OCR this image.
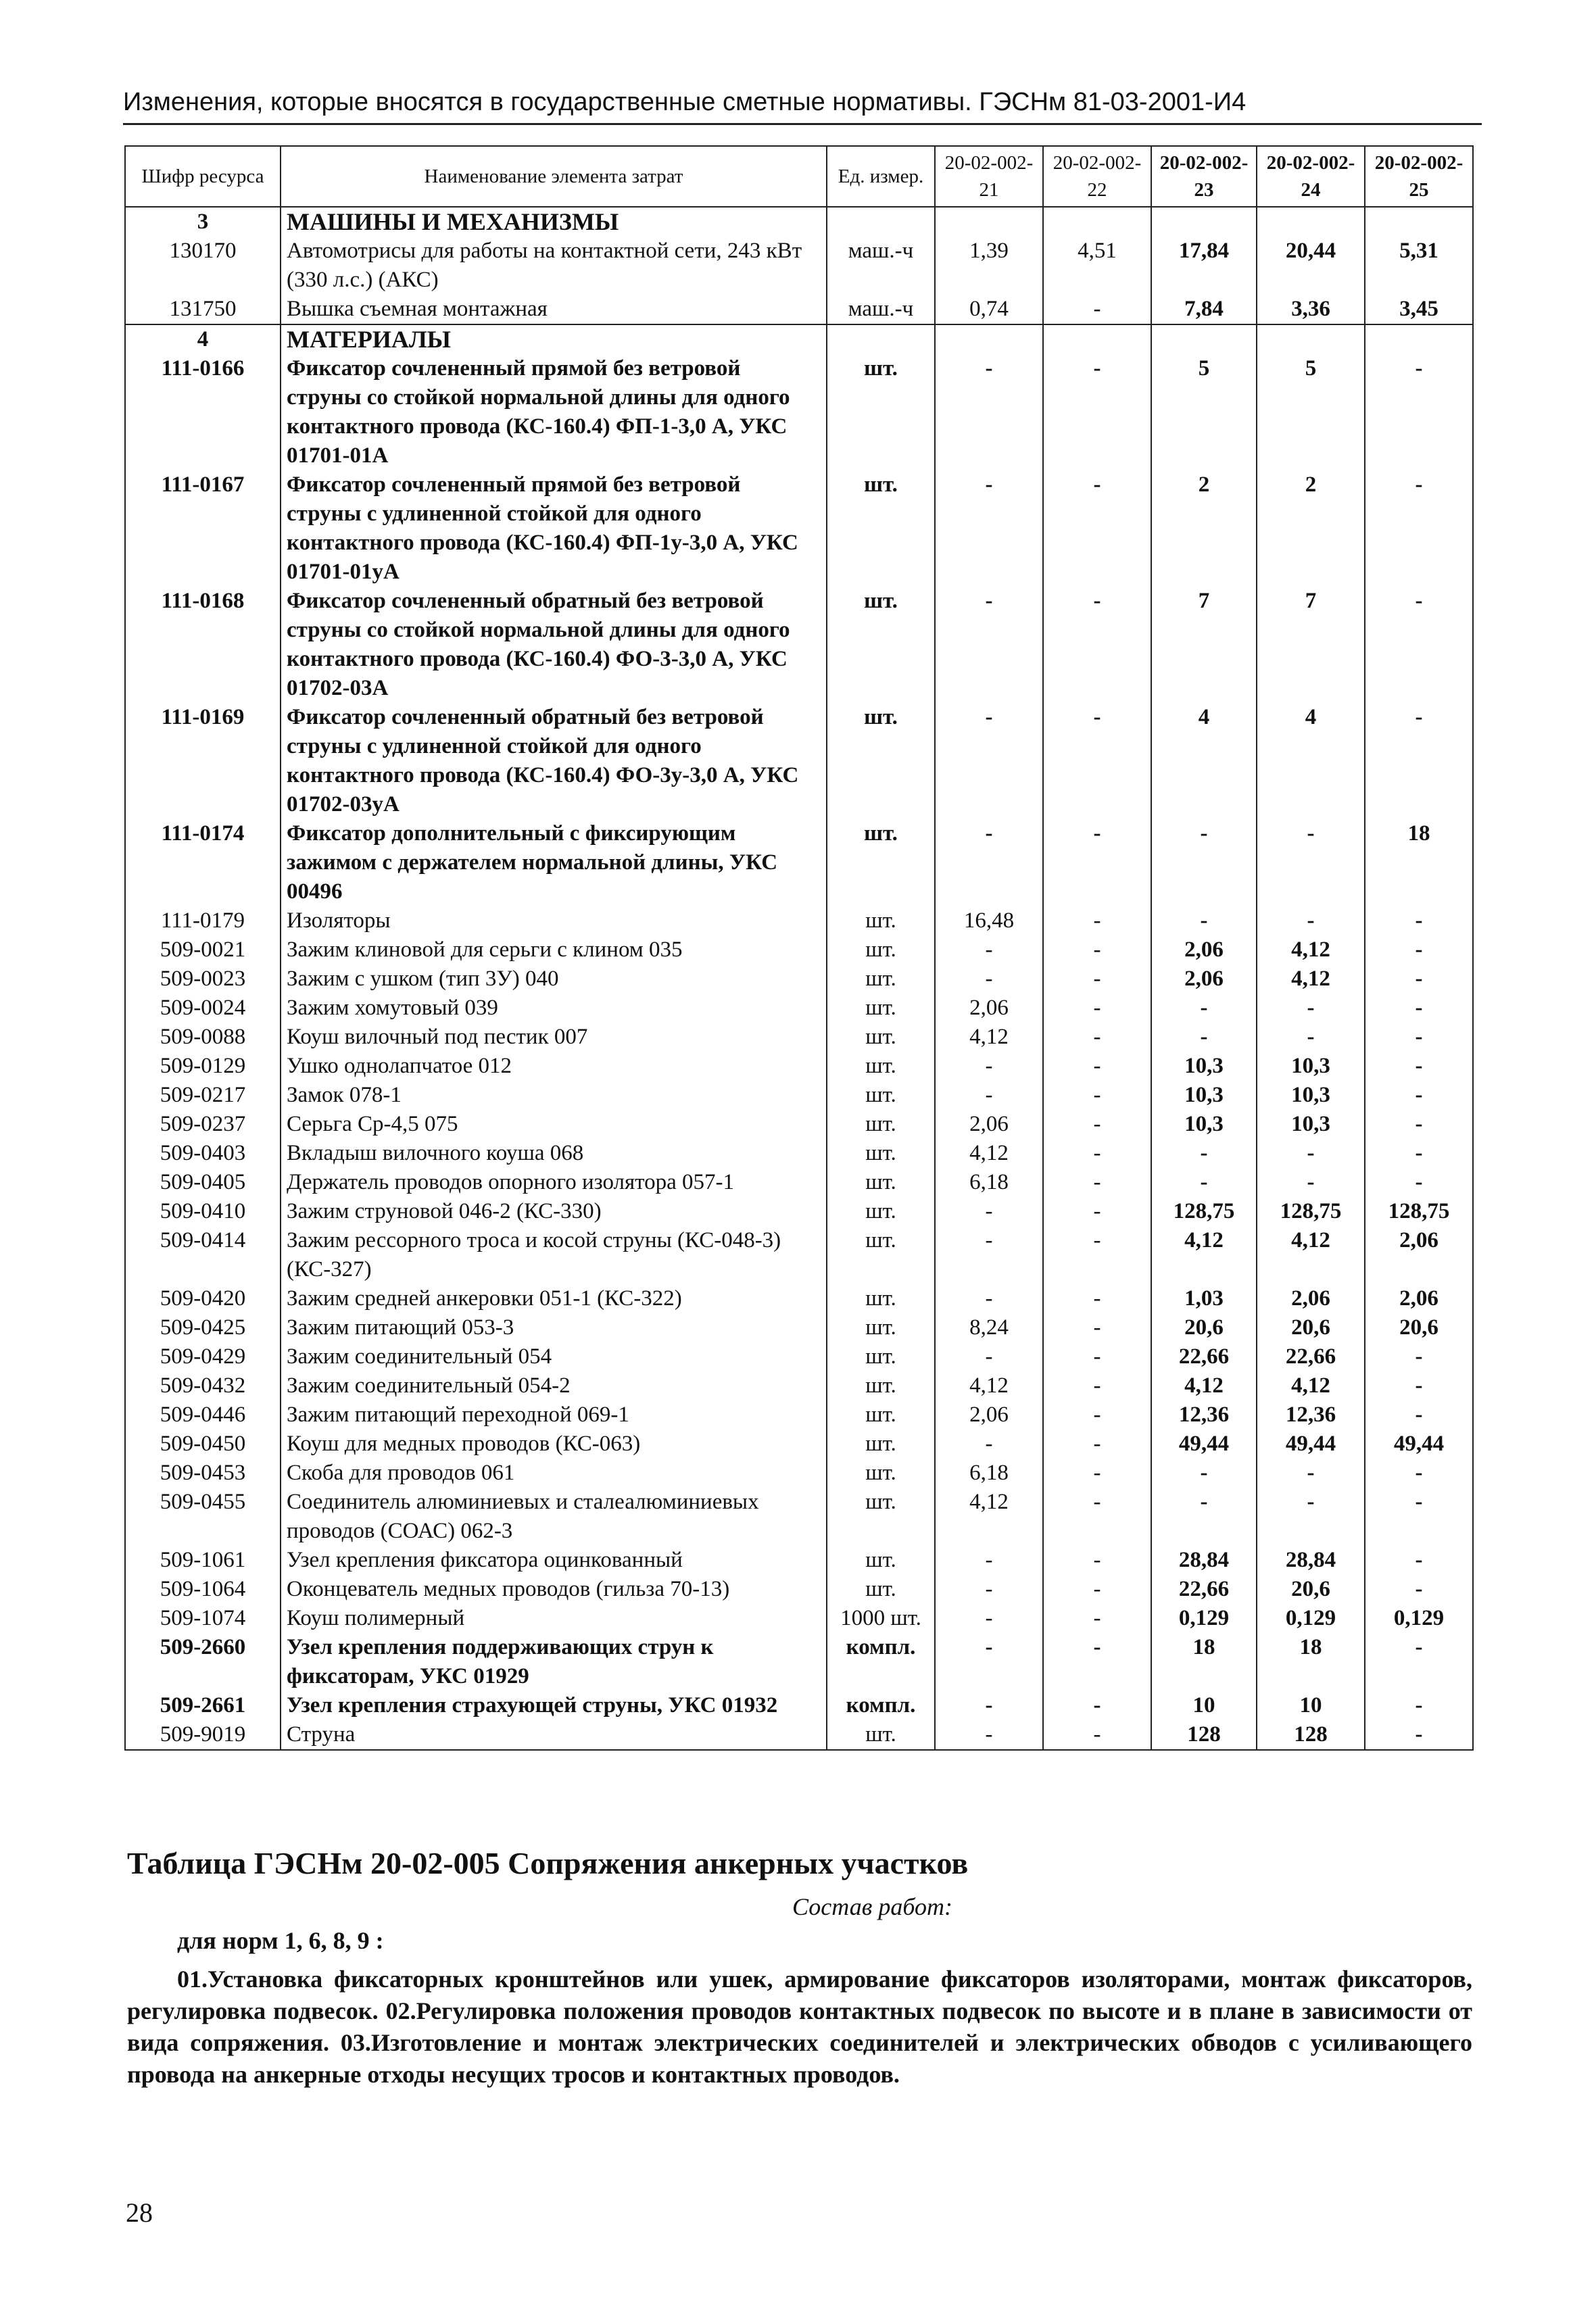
Изменения, которые вносятся в государственные сметные нормативы. ГЭСНм 81-03-2001-И4
Шифр ресурса	Наименование элемента затрат	Ед. измер.	20-02-002-21	20-02-002-22	20-02-002-23	20-02-002-24	20-02-002-25
3	МАШИНЫ И МЕХАНИЗМЫ						
130170	Автомотрисы для работы на контактной сети, 243 кВт (330 л.с.) (АКС)	маш.-ч	1,39	4,51	17,84	20,44	5,31
131750	Вышка съемная монтажная	маш.-ч	0,74	-	7,84	3,36	3,45
4	МАТЕРИАЛЫ						
111-0166	Фиксатор сочлененный прямой без ветровой струны со стойкой нормальной длины для одного контактного провода (КС-160.4) ФП-1-3,0 А, УКС 01701-01А	шт.	-	-	5	5	-
111-0167	Фиксатор сочлененный прямой без ветровой струны с удлиненной стойкой для одного контактного провода (КС-160.4) ФП-1у-3,0 А, УКС 01701-01уА	шт.	-	-	2	2	-
111-0168	Фиксатор сочлененный обратный без ветровой струны со стойкой нормальной длины для одного контактного провода (КС-160.4) ФО-3-3,0 А, УКС 01702-03А	шт.	-	-	7	7	-
111-0169	Фиксатор сочлененный обратный без ветровой струны с удлиненной стойкой для одного контактного провода (КС-160.4) ФО-3у-3,0 А, УКС 01702-03уА	шт.	-	-	4	4	-
111-0174	Фиксатор дополнительный с фиксирующим зажимом с держателем нормальной длины, УКС 00496	шт.	-	-	-	-	18
111-0179	Изоляторы	шт.	16,48	-	-	-	-
509-0021	Зажим клиновой для серьги с клином 035	шт.	-	-	2,06	4,12	-
509-0023	Зажим с ушком (тип 3У) 040	шт.	-	-	2,06	4,12	-
509-0024	Зажим хомутовый 039	шт.	2,06	-	-	-	-
509-0088	Коуш вилочный под пестик 007	шт.	4,12	-	-	-	-
509-0129	Ушко однолапчатое 012	шт.	-	-	10,3	10,3	-
509-0217	Замок 078-1	шт.	-	-	10,3	10,3	-
509-0237	Серьга Ср-4,5 075	шт.	2,06	-	10,3	10,3	-
509-0403	Вкладыш вилочного коуша 068	шт.	4,12	-	-	-	-
509-0405	Держатель проводов опорного изолятора 057-1	шт.	6,18	-	-	-	-
509-0410	Зажим струновой 046-2 (КС-330)	шт.	-	-	128,75	128,75	128,75
509-0414	Зажим рессорного троса и косой струны (КС-048-3) (КС-327)	шт.	-	-	4,12	4,12	2,06
509-0420	Зажим средней анкеровки 051-1 (КС-322)	шт.	-	-	1,03	2,06	2,06
509-0425	Зажим питающий 053-3	шт.	8,24	-	20,6	20,6	20,6
509-0429	Зажим соединительный 054	шт.	-	-	22,66	22,66	-
509-0432	Зажим соединительный 054-2	шт.	4,12	-	4,12	4,12	-
509-0446	Зажим питающий переходной 069-1	шт.	2,06	-	12,36	12,36	-
509-0450	Коуш для медных проводов (КС-063)	шт.	-	-	49,44	49,44	49,44
509-0453	Скоба для проводов 061	шт.	6,18	-	-	-	-
509-0455	Соединитель алюминиевых и сталеалюминиевых проводов (СОАС) 062-3	шт.	4,12	-	-	-	-
509-1061	Узел крепления фиксатора оцинкованный	шт.	-	-	28,84	28,84	-
509-1064	Оконцеватель медных проводов (гильза 70-13)	шт.	-	-	22,66	20,6	-
509-1074	Коуш полимерный	1000 шт.	-	-	0,129	0,129	0,129
509-2660	Узел крепления поддерживающих струн к фиксаторам, УКС 01929	компл.	-	-	18	18	-
509-2661	Узел крепления страхующей струны, УКС 01932	компл.	-	-	10	10	-
509-9019	Струна	шт.	-	-	128	128	-
Таблица ГЭСНм 20-02-005 Сопряжения анкерных участков
Состав работ:
для норм 1, 6, 8, 9 :
01.Установка фиксаторных кронштейнов или ушек, армирование фиксаторов изоляторами, монтаж фиксаторов, регулировка подвесок. 02.Регулировка положения проводов контактных подвесок по высоте и в плане в зависимости от вида сопряжения. 03.Изготовление и монтаж электрических соединителей и электрических обводов с усиливающего провода на анкерные отходы несущих тросов и контактных проводов.
28
